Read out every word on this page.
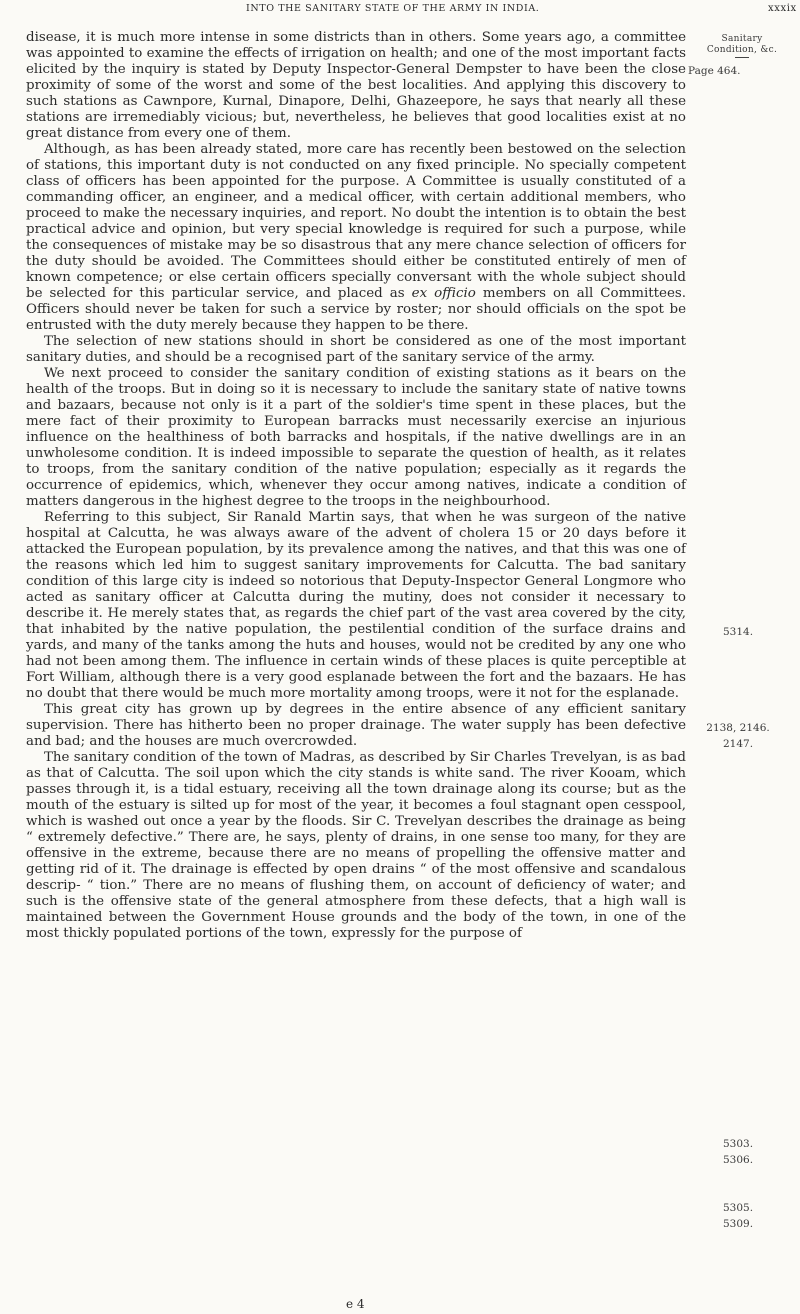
INTO THE SANITARY STATE OF THE ARMY IN INDIA.	xxxix
Sanitary
Condition, &c.
Page 464.
5314.
2138, 2146.
2147.
5303.
5306.
5305.
5309.

disease, it is much more intense in some districts than in others. Some years ago, a committee was appointed to examine the effects of irrigation on health; and one of the most important facts elicited by the inquiry is stated by Deputy Inspector-General Dempster to have been the close proximity of some of the worst and some of the best localities. And applying this discovery to such stations as Cawnpore, Kurnal, Dinapore, Delhi, Ghazeepore, he says that nearly all these stations are irremediably vicious; but, nevertheless, he believes that good localities exist at no great distance from every one of them.

Although, as has been already stated, more care has recently been bestowed on the selection of stations, this important duty is not conducted on any fixed principle. No specially competent class of officers has been appointed for the purpose. A Committee is usually constituted of a commanding officer, an engineer, and a medical officer, with certain additional members, who proceed to make the necessary inquiries, and report. No doubt the intention is to obtain the best practical advice and opinion, but very special knowledge is required for such a purpose, while the consequences of mistake may be so disastrous that any mere chance selection of officers for the duty should be avoided. The Committees should either be constituted entirely of men of known competence; or else certain officers specially conversant with the whole subject should be selected for this particular service, and placed as ex officio members on all Committees. Officers should never be taken for such a service by roster; nor should officials on the spot be entrusted with the duty merely because they happen to be there.

The selection of new stations should in short be considered as one of the most important sanitary duties, and should be a recognised part of the sanitary service of the army.

We next proceed to consider the sanitary condition of existing stations as it bears on the health of the troops. But in doing so it is necessary to include the sanitary state of native towns and bazaars, because not only is it a part of the soldier's time spent in these places, but the mere fact of their proximity to European barracks must necessarily exercise an injurious influence on the healthiness of both barracks and hospitals, if the native dwellings are in an unwholesome condition. It is indeed impossible to separate the question of health, as it relates to troops, from the sanitary condition of the native population; especially as it regards the occurrence of epidemics, which, whenever they occur among natives, indicate a condition of matters dangerous in the highest degree to the troops in the neighbourhood.

Referring to this subject, Sir Ranald Martin says, that when he was surgeon of the native hospital at Calcutta, he was always aware of the advent of cholera 15 or 20 days before it attacked the European population, by its prevalence among the natives, and that this was one of the reasons which led him to suggest sanitary improvements for Calcutta. The bad sanitary condition of this large city is indeed so notorious that Deputy-Inspector General Longmore who acted as sanitary officer at Calcutta during the mutiny, does not consider it necessary to describe it. He merely states that, as regards the chief part of the vast area covered by the city, that inhabited by the native population, the pestilential condition of the surface drains and yards, and many of the tanks among the huts and houses, would not be credited by any one who had not been among them. The influence in certain winds of these places is quite perceptible at Fort William, although there is a very good esplanade between the fort and the bazaars. He has no doubt that there would be much more mortality among troops, were it not for the esplanade.

This great city has grown up by degrees in the entire absence of any efficient sanitary supervision. There has hitherto been no proper drainage. The water supply has been defective and bad; and the houses are much overcrowded.

The sanitary condition of the town of Madras, as described by Sir Charles Trevelyan, is as bad as that of Calcutta. The soil upon which the city stands is white sand. The river Kooam, which passes through it, is a tidal estuary, receiving all the town drainage along its course; but as the mouth of the estuary is silted up for most of the year, it becomes a foul stagnant open cesspool, which is washed out once a year by the floods. Sir C. Trevelyan describes the drainage as being “ extremely defective.” There are, he says, plenty of drains, in one sense too many, for they are offensive in the extreme, because there are no means of propelling the offensive matter and getting rid of it. The drainage is effected by open drains “ of the most offensive and scandalous descrip- “ tion.” There are no means of flushing them, on account of deficiency of water; and such is the offensive state of the general atmosphere from these defects, that a high wall is maintained between the Government House grounds and the body of the town, in one of the most thickly populated portions of the town, expressly for the purpose of

e 4
